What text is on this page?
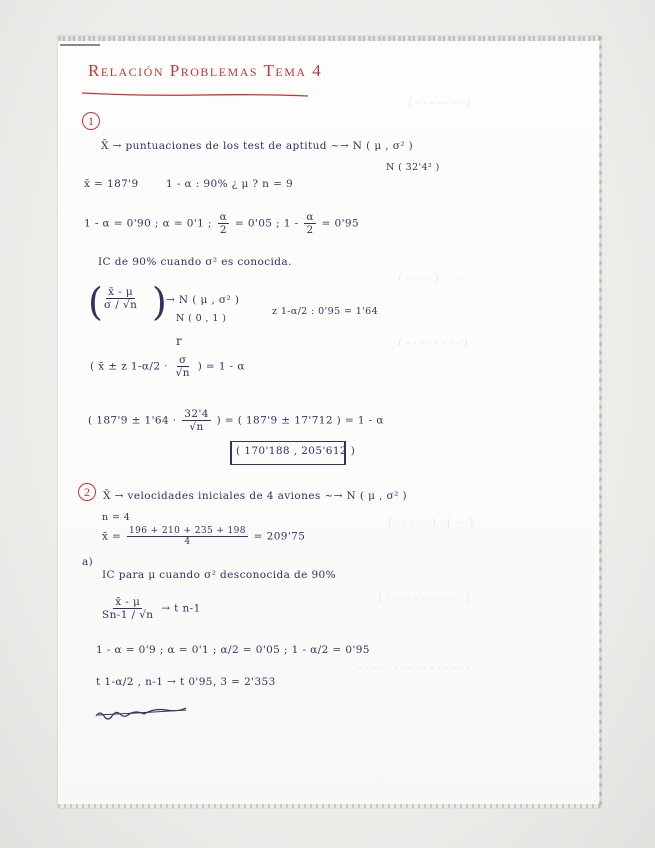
( - - - - - - - )
( - - - - ) - - -
( - - - - - - - - )
( - - - - - ) - ( - - )
( - - - - - - - - - - - )
- - - - - - - - - - - - - - - - -
Relación Problemas Tema 4
1
X̄ → puntuaciones de los test de aptitud ~→ N ( μ , σ² )
N ( 32'4² )
x̄ = 187'9	1 - α : 90% ¿ μ ? n = 9
1 - α = 0'90 ; α = 0'1 ; $\frac{\alpha}{2} = 0'05$ ; $1 - \frac{\alpha}{2} = 0'95$
IC de 90% cuando σ² es conocida.
( $\frac{x̄ - \mu}{\sigma / √n}$ ) → N ( μ , σ² )
N ( 0 , 1 )
z 1-α/2 : 0'95 = 1'64
r
( x̄ ± z $1-\alpha/2 \cdot \frac{\sigma}{√n}$ ) = 1 - α
( $187'9 \pm 1'64 \cdot \frac{32'4}{√n}$ ) = ( 187'9 ± 17'712 ) = 1 - α
( 170'188 , 205'612 )
2	X̄ → velocidades iniciales de 4 aviones ~→ N ( μ , σ² )
n = 4
x̄ = $\frac{196 + 210 + 235 + 198}{4} = 209'75$
a)
IC para μ cuando σ² desconocida de 90%
$\frac{x̄ - \mu}{Sn-1 / √n} \to t$ n-1
1 - α = 0'9 ; α = 0'1 ; α/2 = 0'05 ; 1 - α/2 = 0'95
t 1-α/2 , n-1 → t 0'95, 3 = 2'353
